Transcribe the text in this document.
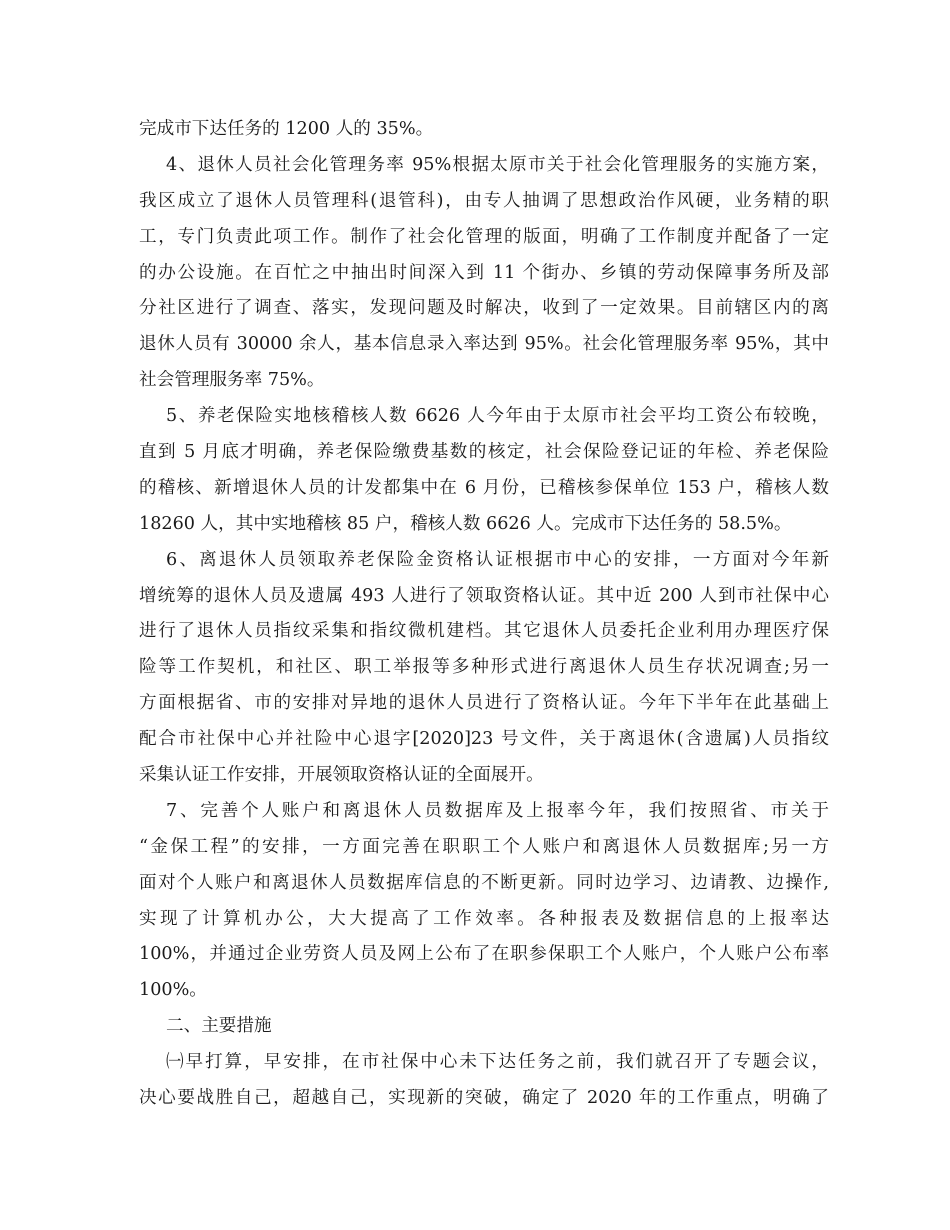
完成市下达任务的 1200 人的 35%。
4、退休人员社会化管理务率 95%根据太原市关于社会化管理服务的实施方案，
我区成立了退休人员管理科(退管科)，由专人抽调了思想政治作风硬，业务精的职
工，专门负责此项工作。制作了社会化管理的版面，明确了工作制度并配备了一定
的办公设施。在百忙之中抽出时间深入到 11 个街办、乡镇的劳动保障事务所及部
分社区进行了调查、落实，发现问题及时解决，收到了一定效果。目前辖区内的离
退休人员有 30000 余人，基本信息录入率达到 95%。社会化管理服务率 95%，其中
社会管理服务率 75%。
5、养老保险实地核稽核人数 6626 人今年由于太原市社会平均工资公布较晚，
直到 5 月底才明确，养老保险缴费基数的核定，社会保险登记证的年检、养老保险
的稽核、新增退休人员的计发都集中在 6 月份，已稽核参保单位 153 户，稽核人数
18260 人，其中实地稽核 85 户，稽核人数 6626 人。完成市下达任务的 58.5%。
6、离退休人员领取养老保险金资格认证根据市中心的安排，一方面对今年新
增统筹的退休人员及遗属 493 人进行了领取资格认证。其中近 200 人到市社保中心
进行了退休人员指纹采集和指纹微机建档。其它退休人员委托企业利用办理医疗保
险等工作契机，和社区、职工举报等多种形式进行离退休人员生存状况调查;另一
方面根据省、市的安排对异地的退休人员进行了资格认证。今年下半年在此基础上
配合市社保中心并社险中心退字[2020]23 号文件，关于离退休(含遗属)人员指纹
采集认证工作安排，开展领取资格认证的全面展开。
7、完善个人账户和离退休人员数据库及上报率今年，我们按照省、市关于
“金保工程”的安排，一方面完善在职职工个人账户和离退休人员数据库;另一方
面对个人账户和离退休人员数据库信息的不断更新。同时边学习、边请教、边操作,
实现了计算机办公，大大提高了工作效率。各种报表及数据信息的上报率达
100%，并通过企业劳资人员及网上公布了在职参保职工个人账户，个人账户公布率
100%。
二、主要措施
㈠早打算，早安排，在市社保中心未下达任务之前，我们就召开了专题会议，
决心要战胜自己，超越自己，实现新的突破，确定了 2020 年的工作重点，明确了
